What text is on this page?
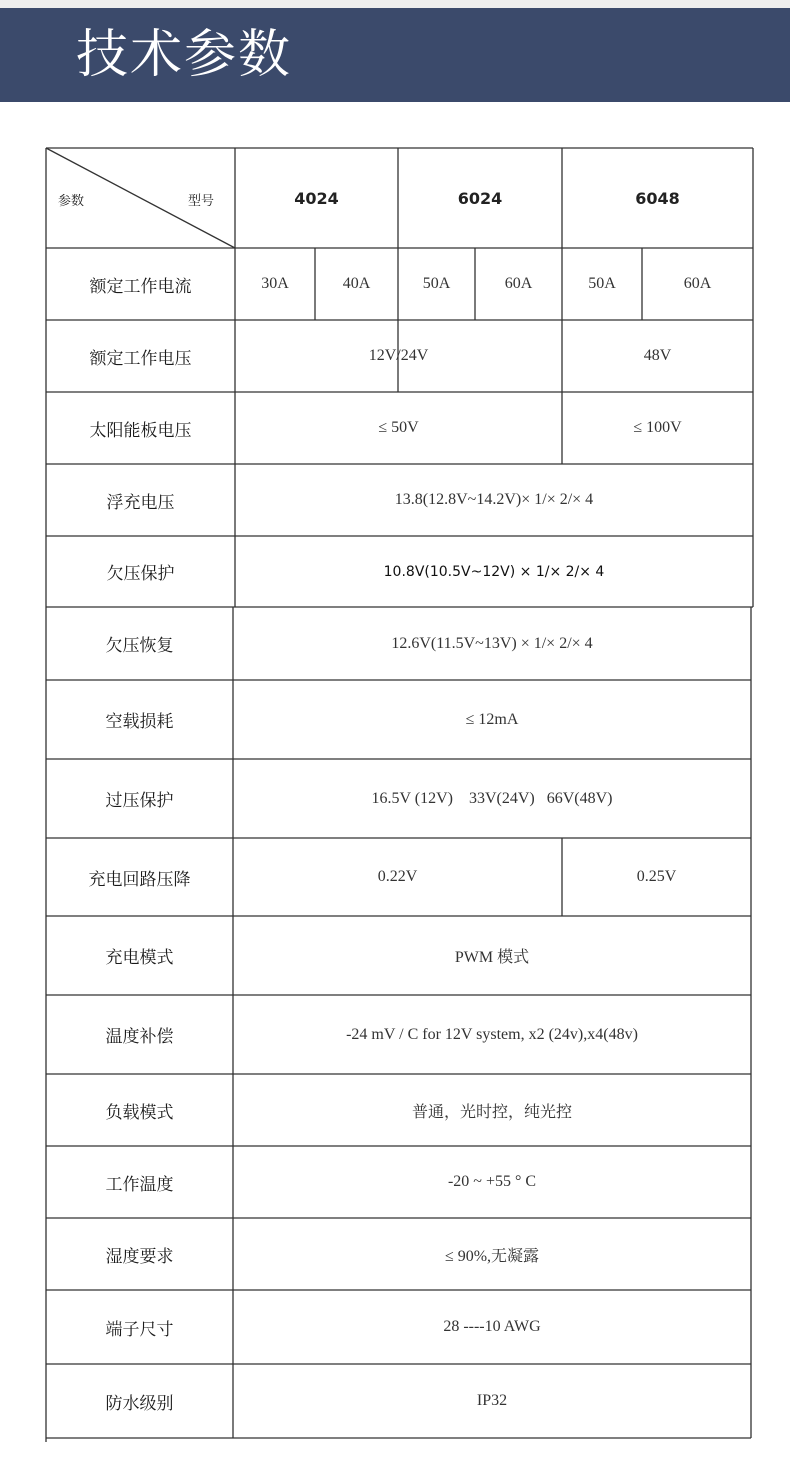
技术参数
参数	型号	4024	6024	6048
额定工作电流	30A	40A	50A	60A	50A	60A
额定工作电压	12V/24V	48V
太阳能板电压	≤ 50V	≤ 100V
浮充电压	13.8(12.8V~14.2V)× 1/× 2/× 4
欠压保护	10.8V(10.5V~12V) × 1/× 2/× 4
欠压恢复	12.6V(11.5V~13V) × 1/× 2/× 4
空载损耗	≤ 12mA
过压保护	16.5V (12V)    33V(24V)   66V(48V)
充电回路压降	0.22V	0.25V
充电模式	PWM 模式
温度补偿	-24 mV / C for 12V system, x2 (24v),x4(48v)
负载模式	普通，光时控，纯光控
工作温度	-20 ~ +55 ° C
湿度要求	≤ 90%,无凝露
端子尺寸	28 ----10 AWG
防水级别	IP32
